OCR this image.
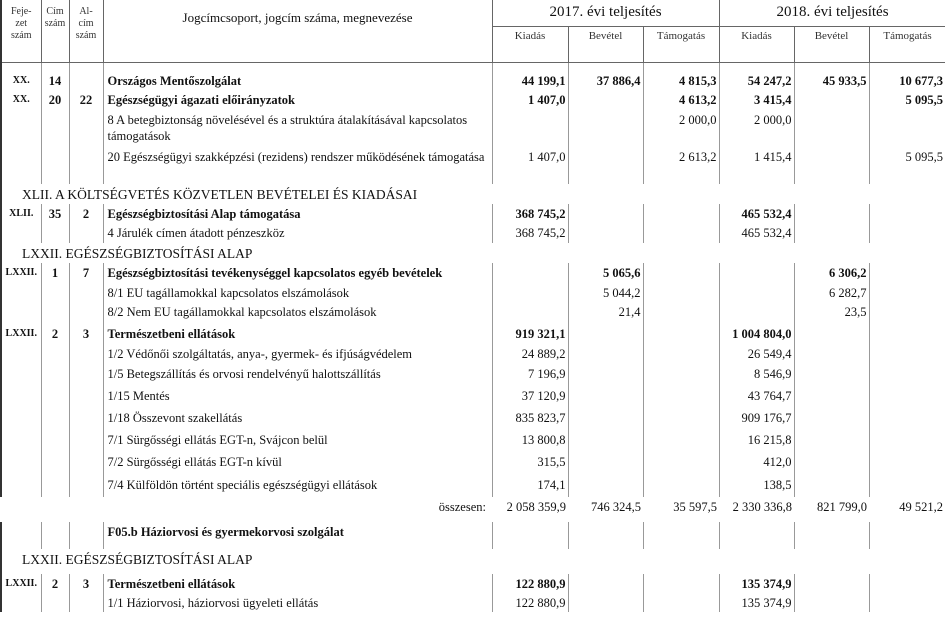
Feje-zet szám	Cím szám	Al-cím szám	Jogcímcsoport, jogcím száma, megnevezése	2017. évi teljesítés			2018. évi teljesítés		
				Kiadás	Bevétel	Támogatás	Kiadás	Bevétel	Támogatás

XX.	14		Országos Mentőszolgálat	44 199,1	37 886,4	4 815,3	54 247,2	45 933,5	10 677,3
XX.	20	22	Egészségügyi ágazati előirányzatok	1 407,0		4 613,2	3 415,4		5 095,5
			8 A betegbiztonság növelésével és a struktúra átalakításával kapcsolatos támogatások			2 000,0	2 000,0		
			20 Egészségügyi szakképzési (rezidens) rendszer működésének támogatása	1 407,0		2 613,2	1 415,4		5 095,5
XLII. A KÖLTSÉGVETÉS KÖZVETLEN BEVÉTELEI ÉS KIADÁSAI									
XLII.	35	2	Egészségbiztosítási Alap támogatása	368 745,2			465 532,4		
			4 Járulék címen átadott pénzeszköz	368 745,2			465 532,4		
LXXII. EGÉSZSÉGBIZTOSÍTÁSI ALAP									
LXXII.	1	7	Egészségbiztosítási tevékenységgel kapcsolatos egyéb bevételek		5 065,6			6 306,2	
			8/1 EU tagállamokkal kapcsolatos elszámolások		5 044,2			6 282,7	
			8/2 Nem EU tagállamokkal kapcsolatos elszámolások		21,4			23,5	
LXXII.	2	3	Természetbeni ellátások	919 321,1			1 004 804,0		
			1/2 Védőnői szolgáltatás, anya-, gyermek- és ifjúságvédelem	24 889,2			26 549,4		
			1/5 Betegszállítás és orvosi rendelvényű halottszállítás	7 196,9			8 546,9		
			1/15 Mentés	37 120,9			43 764,7		
			1/18 Összevont szakellátás	835 823,7			909 176,7		
			7/1 Sürgősségi ellátás EGT-n, Svájcon belül	13 800,8			16 215,8		
			7/2 Sürgősségi ellátás EGT-n kívül	315,5			412,0		
			7/4 Külföldön történt speciális egészségügyi ellátások	174,1			138,5		
			összesen:	2 058 359,9	746 324,5	35 597,5	2 330 336,8	821 799,0	49 521,2
			F05.b Háziorvosi és gyermekorvosi szolgálat						
LXXII. EGÉSZSÉGBIZTOSÍTÁSI ALAP									
LXXII.	2	3	Természetbeni ellátások	122 880,9			135 374,9		
			1/1 Háziorvosi, háziorvosi ügyeleti ellátás	122 880,9			135 374,9		
